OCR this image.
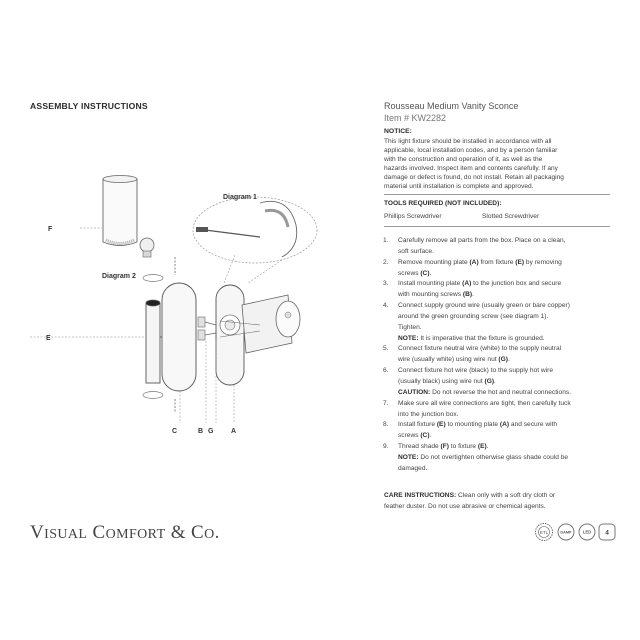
ASSEMBLY INSTRUCTIONS	Rousseau Medium Vanity Sconce
Item # KW2282
NOTICE:
This light fixture should be installed in accordance with all
applicable, local installation codes, and by a person familiar
with the construction and operation of it, as well as the
hazards involved. Inspect item and contents carefully. If any
damage or defect is found, do not install. Retain all packaging
material until installation is complete and approved.
TOOLS REQUIRED (NOT INCLUDED):
Phillips Screwdriver	Slotted Screwdriver
1.	Carefully remove all parts from the box. Place on a clean,
soft surface.
2.	Remove mounting plate (A) from fixture (E) by removing
screws (C).
3.	Install mounting plate (A) to the junction box and secure
with mounting screws (B).
4.	Connect supply ground wire (usually green or bare copper)
around the green grounding screw (see diagram 1).
Tighten.
NOTE: It is imperative that the fixture is grounded.
5.	Connect fixture neutral wire (white) to the supply neutral
wire (usually white) using wire nut (G).
6.	Connect fixture hot wire (black) to the supply hot wire
(usually black) using wire nut (G).
CAUTION: Do not reverse the hot and neutral connections.
7.	Make sure all wire connections are tight, then carefully tuck
into the junction box.
8.	Install fixture (E) to mounting plate (A) and secure with
screws (C).
9.	Thread shade (F) to fixture (E).
NOTE: Do not overtighten otherwise glass shade could be
damaged.
CARE INSTRUCTIONS: Clean only with a soft dry cloth or
feather duster. Do not use abrasive or chemical agents.
VISUAL COMFORT & CO.	ETL	DAMP	LED 4
Diagram 1
Diagram 2
F
E
C	B G	A
